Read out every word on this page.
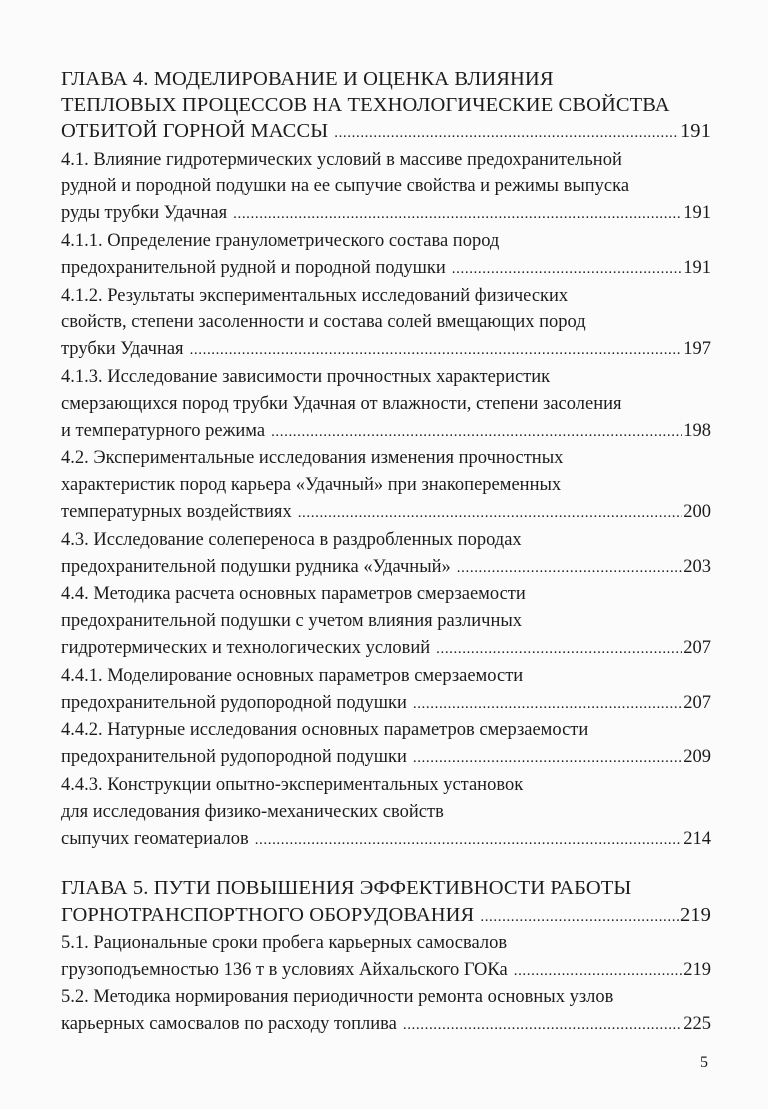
ГЛАВА 4. МОДЕЛИРОВАНИЕ И ОЦЕНКА ВЛИЯНИЯ
ТЕПЛОВЫХ ПРОЦЕССОВ НА ТЕХНОЛОГИЧЕСКИЕ СВОЙСТВА
ОТБИТОЙ ГОРНОЙ МАССЫ .....	191
4.1. Влияние гидротермических условий в массиве предохранительной
рудной и породной подушки на ее сыпучие свойства и режимы выпуска
руды трубки Удачная .....	191
4.1.1. Определение гранулометрического состава пород
предохранительной рудной и породной подушки .....	191
4.1.2. Результаты экспериментальных исследований физических
свойств, степени засоленности и состава солей вмещающих пород
трубки Удачная .....	197
4.1.3. Исследование зависимости прочностных характеристик
смерзающихся пород трубки Удачная от влажности, степени засоления
и температурного режима .....	198
4.2. Экспериментальные исследования изменения прочностных
характеристик пород карьера «Удачный» при знакопеременных
температурных воздействиях .....	200
4.3. Исследование солепереноса в раздробленных породах
предохранительной подушки рудника «Удачный» .....	203
4.4. Методика расчета основных параметров смерзаемости
предохранительной подушки с учетом влияния различных
гидротермических и технологических условий .....	207
4.4.1. Моделирование основных параметров смерзаемости
предохранительной рудопородной подушки .....	207
4.4.2. Натурные исследования основных параметров смерзаемости
предохранительной рудопородной подушки .....	209
4.4.3. Конструкции опытно-экспериментальных установок
для исследования физико-механических свойств
сыпучих геоматериалов .....	214
ГЛАВА 5. ПУТИ ПОВЫШЕНИЯ ЭФФЕКТИВНОСТИ РАБОТЫ
ГОРНОТРАНСПОРТНОГО ОБОРУДОВАНИЯ .....	219
5.1. Рациональные сроки пробега карьерных самосвалов
грузоподъемностью 136 т в условиях Айхальского ГОКа .....	219
5.2. Методика нормирования периодичности ремонта основных узлов
карьерных самосвалов по расходу топлива .....	225
5
